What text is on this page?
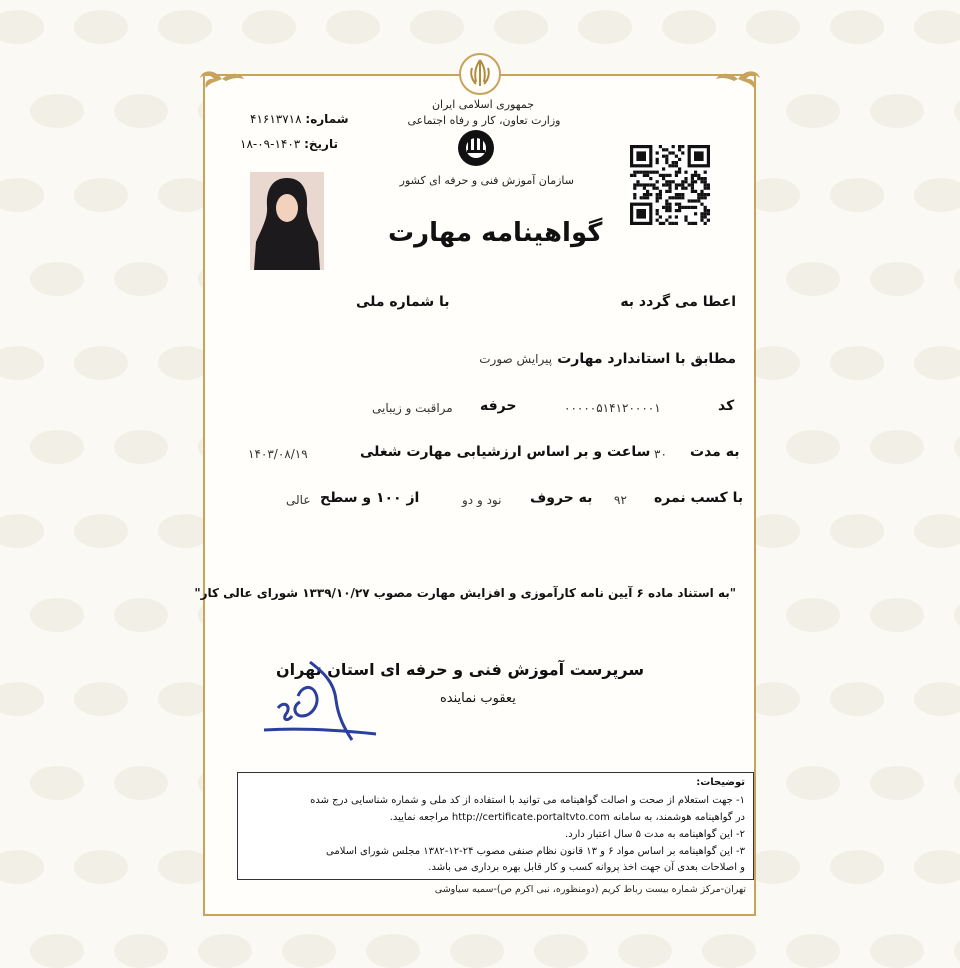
شماره: ۴۱۶۱۳۷۱۸
تاریخ: ۱۴۰۳-۰۹-۱۸
جمهوری اسلامی ایران
وزارت تعاون، کار و رفاه اجتماعی
سازمان آموزش فنی و حرفه ای کشور
گواهینامه مهارت
اعطا می گردد به
با شماره ملی
مطابق با استاندارد مهارت پیرایش صورت
کد
۰۰۰۰۰۵۱۴۱۲۰۰۰۰۱
حرفه
مراقبت و زیبایی
به مدت
۳۰
ساعت و بر اساس ارزشیابی مهارت شغلی
۱۴۰۳/۰۸/۱۹
با کسب نمره
۹۲
به حروف
نود و دو
از ۱۰۰ و سطح
عالی
"به استناد ماده ۶ آیین نامه کارآموزی و افزایش مهارت مصوب ۱۳۳۹/۱۰/۲۷ شورای عالی کار"
سرپرست آموزش فنی و حرفه ای استان تهران
یعقوب نماینده
توضیحات:
۱- جهت استعلام از صحت و اصالت گواهینامه می توانید با استفاده از کد ملی و شماره شناسایی درج شده
در گواهینامه هوشمند، به سامانه http://certificate.portaltvto.com مراجعه نمایید.
۲- این گواهینامه به مدت ۵ سال اعتبار دارد.
۳- این گواهینامه بر اساس مواد ۶ و ۱۳ قانون نظام صنفی مصوب ۲۴-۱۲-۱۳۸۲ مجلس شورای اسلامی
و اصلاحات بعدی آن جهت اخذ پروانه کسب و کار قابل بهره برداری می باشد.
تهران-مرکز شماره بیست رباط کریم (دومنظوره، نبی اکرم ص)-سمیه سیاوشی
